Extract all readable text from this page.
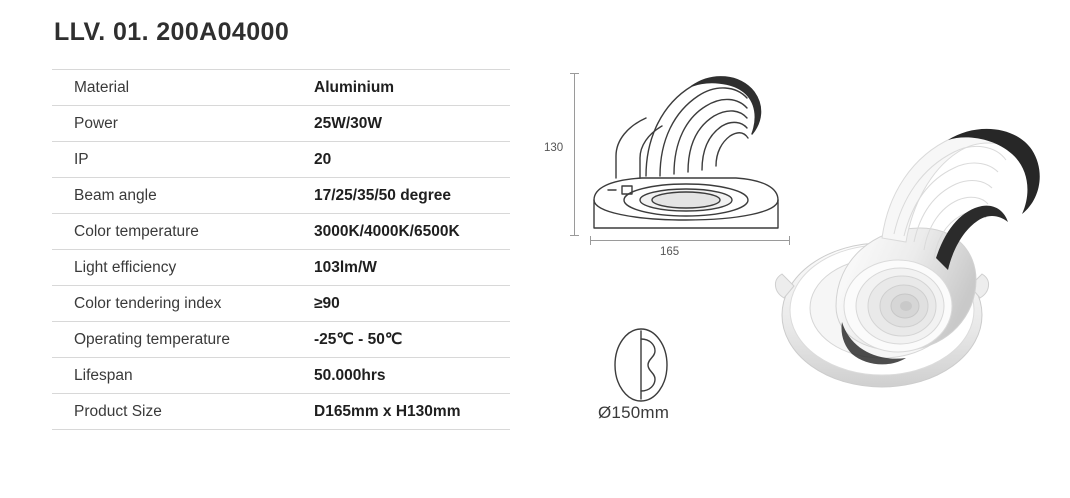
LLV. 01. 200A04000
Material	Aluminium
Power	25W/30W
IP	20
Beam angle	17/25/35/50 degree
Color temperature	3000K/4000K/6500K
Light efficiency	103lm/W
Color tendering index	≥90
Operating temperature	-25℃ - 50℃
Lifespan	50.000hrs
Product Size	D165mm x H130mm
130
165
Ø150mm
